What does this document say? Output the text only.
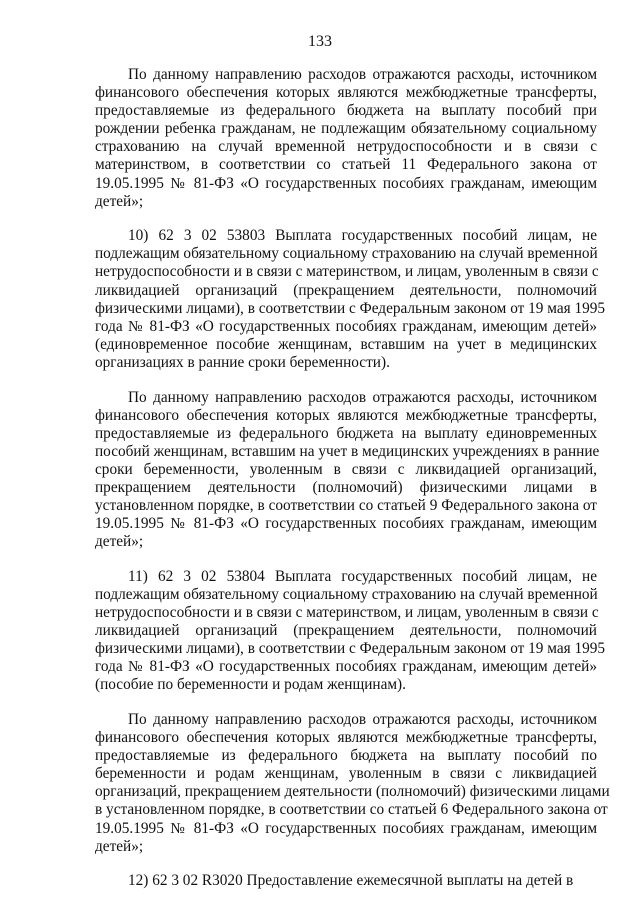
133

По данному направлению расходов отражаются расходы, источником
финансового обеспечения которых являются межбюджетные трансферты,
предоставляемые из федерального бюджета на выплату пособий при
рождении ребенка гражданам, не подлежащим обязательному социальному
страхованию на случай временной нетрудоспособности и в связи с
материнством, в соответствии со статьей 11 Федерального закона от
19.05.1995 № 81-ФЗ «О государственных пособиях гражданам, имеющим
детей»;

10) 62 3 02 53803 Выплата государственных пособий лицам, не
подлежащим обязательному социальному страхованию на случай временной
нетрудоспособности и в связи с материнством, и лицам, уволенным в связи с
ликвидацией организаций (прекращением деятельности, полномочий
физическими лицами), в соответствии с Федеральным законом от 19 мая 1995
года № 81-ФЗ «О государственных пособиях гражданам, имеющим детей»
(единовременное пособие женщинам, вставшим на учет в медицинских
организациях в ранние сроки беременности).

По данному направлению расходов отражаются расходы, источником
финансового обеспечения которых являются межбюджетные трансферты,
предоставляемые из федерального бюджета на выплату единовременных
пособий женщинам, вставшим на учет в медицинских учреждениях в ранние
сроки беременности, уволенным в связи с ликвидацией организаций,
прекращением деятельности (полномочий) физическими лицами в
установленном порядке, в соответствии со статьей 9 Федерального закона от
19.05.1995 № 81-ФЗ «О государственных пособиях гражданам, имеющим
детей»;

11) 62 3 02 53804 Выплата государственных пособий лицам, не
подлежащим обязательному социальному страхованию на случай временной
нетрудоспособности и в связи с материнством, и лицам, уволенным в связи с
ликвидацией организаций (прекращением деятельности, полномочий
физическими лицами), в соответствии с Федеральным законом от 19 мая 1995
года № 81-ФЗ «О государственных пособиях гражданам, имеющим детей»
(пособие по беременности и родам женщинам).

По данному направлению расходов отражаются расходы, источником
финансового обеспечения которых являются межбюджетные трансферты,
предоставляемые из федерального бюджета на выплату пособий по
беременности и родам женщинам, уволенным в связи с ликвидацией
организаций, прекращением деятельности (полномочий) физическими лицами
в установленном порядке, в соответствии со статьей 6 Федерального закона от
19.05.1995 № 81-ФЗ «О государственных пособиях гражданам, имеющим
детей»;

12) 62 3 02 R3020 Предоставление ежемесячной выплаты на детей в
